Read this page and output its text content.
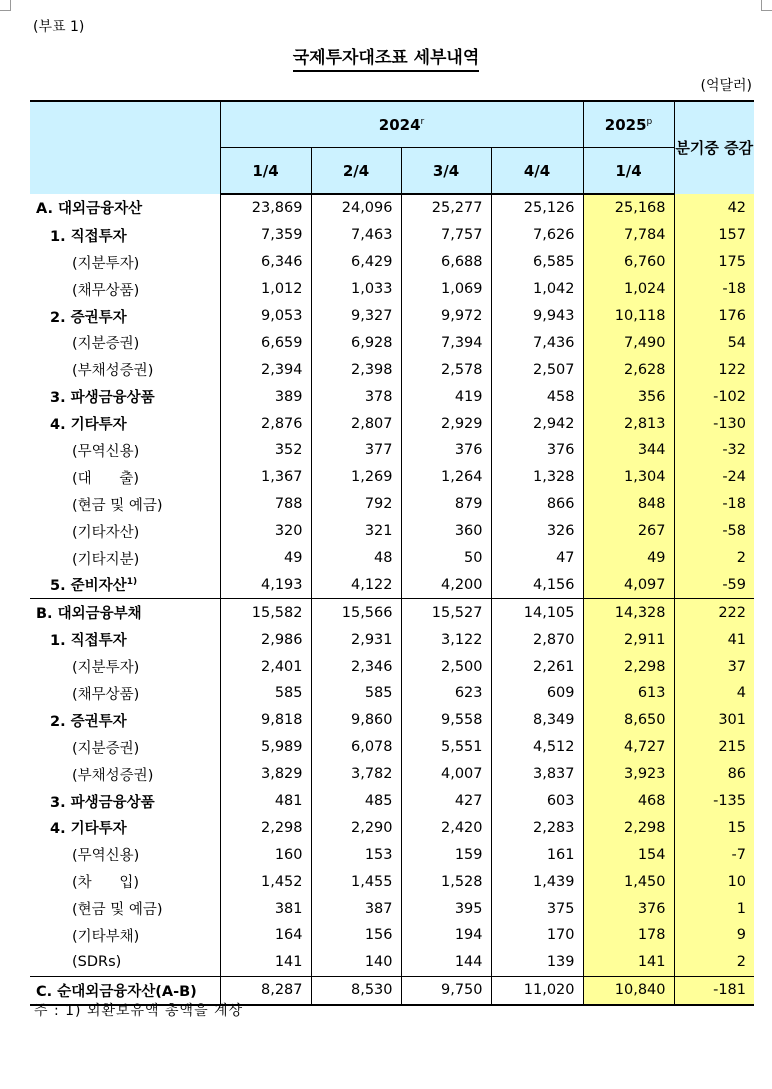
(부표 1)
국제투자대조표 세부내역
(억달러)
	2024$^r$				2025$^p$	분기중 증감
	1/4	2/4	3/4	4/4	1/4	
A. 대외금융자산	23,869	24,096	25,277	25,126	25,168	42
1. 직접투자	7,359	7,463	7,757	7,626	7,784	157
(지분투자)	6,346	6,429	6,688	6,585	6,760	175
(채무상품)	1,012	1,033	1,069	1,042	1,024	-18
2. 증권투자	9,053	9,327	9,972	9,943	10,118	176
(지분증권)	6,659	6,928	7,394	7,436	7,490	54
(부채성증권)	2,394	2,398	2,578	2,507	2,628	122
3. 파생금융상품	389	378	419	458	356	-102
4. 기타투자	2,876	2,807	2,929	2,942	2,813	-130
(무역신용)	352	377	376	376	344	-32
(대      출)	1,367	1,269	1,264	1,328	1,304	-24
(현금 및 예금)	788	792	879	866	848	-18
(기타자산)	320	321	360	326	267	-58
(기타지분)	49	48	50	47	49	2
5. 준비자산$^{1)}$	4,193	4,122	4,200	4,156	4,097	-59
B. 대외금융부채	15,582	15,566	15,527	14,105	14,328	222
1. 직접투자	2,986	2,931	3,122	2,870	2,911	41
(지분투자)	2,401	2,346	2,500	2,261	2,298	37
(채무상품)	585	585	623	609	613	4
2. 증권투자	9,818	9,860	9,558	8,349	8,650	301
(지분증권)	5,989	6,078	5,551	4,512	4,727	215
(부채성증권)	3,829	3,782	4,007	3,837	3,923	86
3. 파생금융상품	481	485	427	603	468	-135
4. 기타투자	2,298	2,290	2,420	2,283	2,298	15
(무역신용)	160	153	159	161	154	-7
(차      입)	1,452	1,455	1,528	1,439	1,450	10
(현금 및 예금)	381	387	395	375	376	1
(기타부채)	164	156	194	170	178	9
(SDRs)	141	140	144	139	141	2
C. 순대외금융자산(A-B)	8,287	8,530	9,750	11,020	10,840	-181
주 : 1) 외환보유액 총액을 계상
